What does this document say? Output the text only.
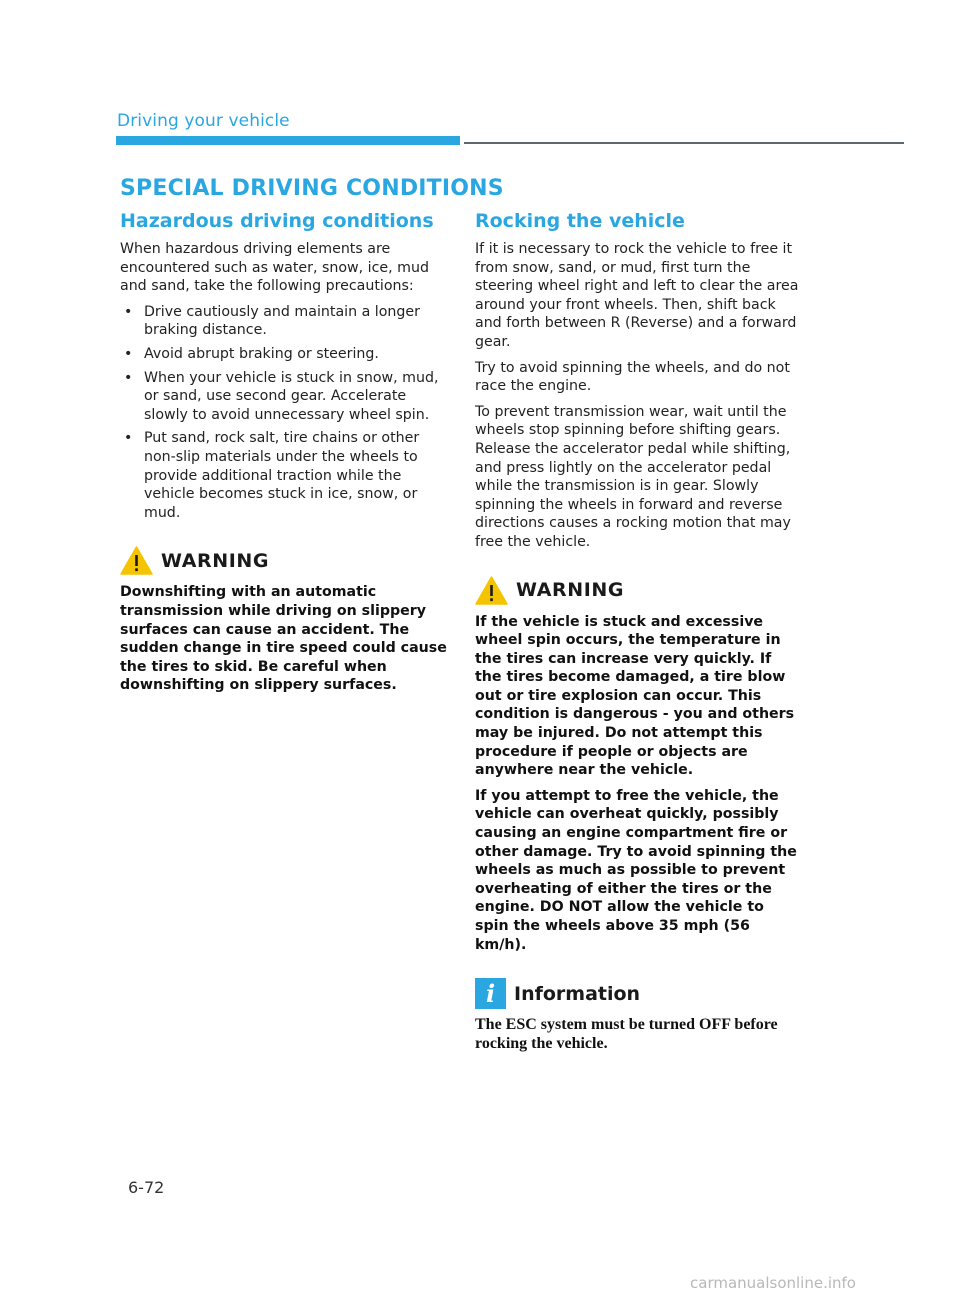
Driving your vehicle
SPECIAL DRIVING CONDITIONS
Hazardous driving conditions

When hazardous driving elements are encountered such as water, snow, ice, mud and sand, take the following precautions:

• Drive cautiously and maintain a longer braking distance.
• Avoid abrupt braking or steering.
• When your vehicle is stuck in snow, mud, or sand, use second gear. Accelerate slowly to avoid unnecessary wheel spin.
• Put sand, rock salt, tire chains or other non-slip materials under the wheels to provide additional traction while the vehicle becomes stuck in ice, snow, or mud.
WARNING

Downshifting with an automatic transmission while driving on slippery surfaces can cause an accident. The sudden change in tire speed could cause the tires to skid. Be careful when downshifting on slippery surfaces.

Rocking the vehicle

If it is necessary to rock the vehicle to free it from snow, sand, or mud, first turn the steering wheel right and left to clear the area around your front wheels. Then, shift back and forth between R (Reverse) and a forward gear.

Try to avoid spinning the wheels, and do not race the engine.

To prevent transmission wear, wait until the wheels stop spinning before shifting gears. Release the accelerator pedal while shifting, and press lightly on the accelerator pedal while the transmission is in gear. Slowly spinning the wheels in forward and reverse directions causes a rocking motion that may free the vehicle.

WARNING

If the vehicle is stuck and excessive wheel spin occurs, the temperature in the tires can increase very quickly. If the tires become damaged, a tire blow out or tire explosion can occur. This condition is dangerous - you and others may be injured. Do not attempt this procedure if people or objects are anywhere near the vehicle.

If you attempt to free the vehicle, the vehicle can overheat quickly, possibly causing an engine compartment fire or other damage. Try to avoid spinning the wheels as much as possible to prevent overheating of either the tires or the engine. DO NOT allow the vehicle to spin the wheels above 35 mph (56 km/h).

i Information

The ESC system must be turned OFF before rocking the vehicle.

6-72
carmanualsonline.info
